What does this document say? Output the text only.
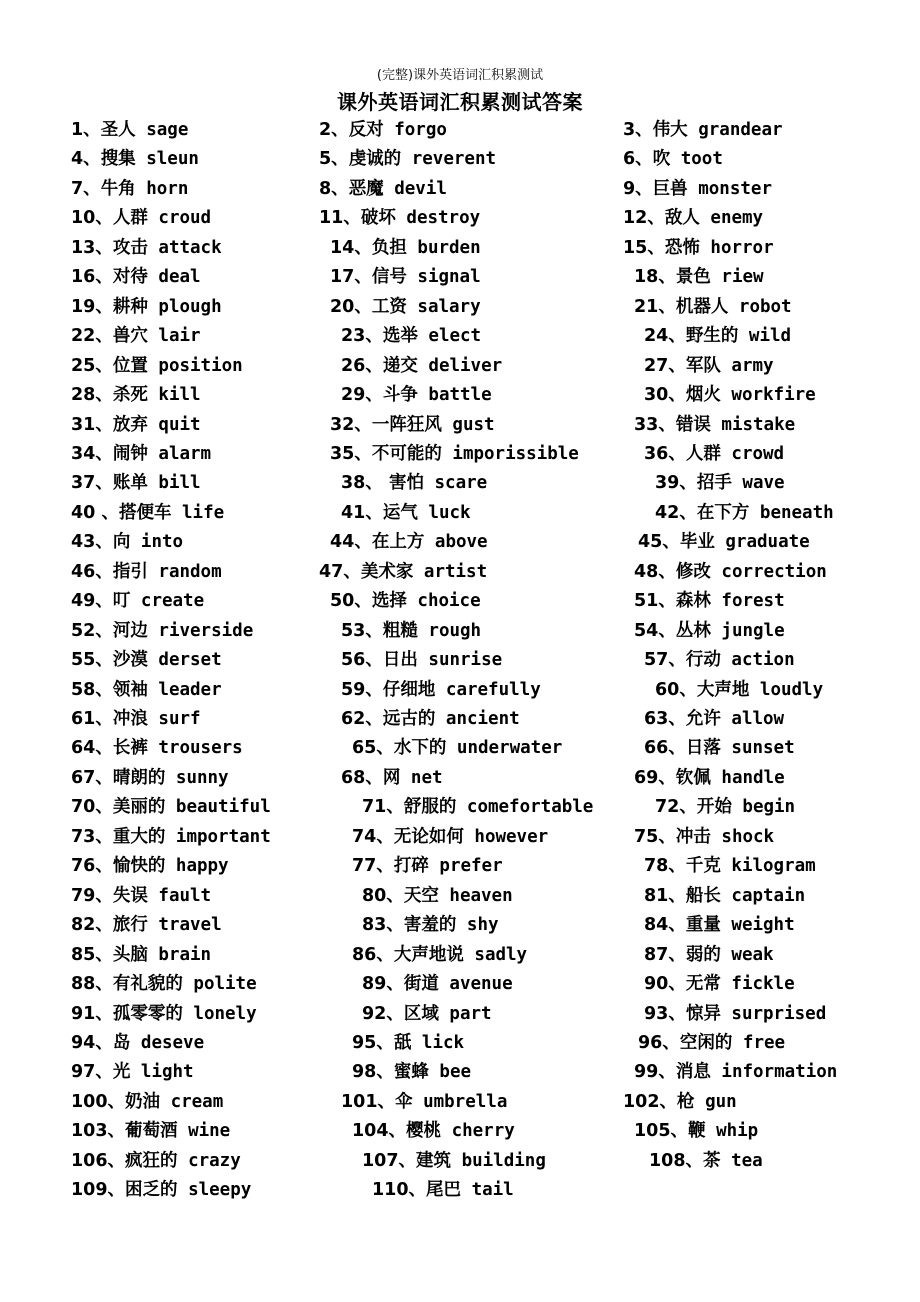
(完整)课外英语词汇积累测试
课外英语词汇积累测试答案
1、圣人 sage	2、反对 forgo	3、伟大 grandear
4、搜集 sleun	5、虔诚的 reverent	6、吹 toot
7、牛角 horn	8、恶魔 devil	9、巨兽 monster
10、人群 croud	11、破坏 destroy	12、敌人 enemy
13、攻击 attack	14、负担 burden	15、恐怖 horror
16、对待 deal	17、信号 signal	18、景色 riew
19、耕种 plough	20、工资 salary	21、机器人 robot
22、兽穴 lair	23、选举 elect	24、野生的 wild
25、位置 position	26、递交 deliver	27、军队 army
28、杀死 kill	29、斗争 battle	30、烟火 workfire
31、放弃 quit	32、一阵狂风 gust	33、错误 mistake
34、闹钟 alarm	35、不可能的 imporissible	36、人群 crowd
37、账单 bill	38、 害怕 scare	39、招手 wave
40 、搭便车 life	41、运气 luck	42、在下方 beneath
43、向 into	44、在上方 above	45、毕业 graduate
46、指引 random	47、美术家 artist	48、修改 correction
49、叮 create	50、选择 choice	51、森林 forest
52、河边 riverside	53、粗糙 rough	54、丛林 jungle
55、沙漠 derset	56、日出 sunrise	57、行动 action
58、领袖 leader	59、仔细地 carefully	60、大声地 loudly
61、冲浪 surf	62、远古的 ancient	63、允许 allow
64、长裤 trousers	65、水下的 underwater	66、日落 sunset
67、晴朗的 sunny	68、网 net	69、钦佩 handle
70、美丽的 beautiful	71、舒服的 comefortable	72、开始 begin
73、重大的 important	74、无论如何 however	75、冲击 shock
76、愉快的 happy	77、打碎 prefer	78、千克 kilogram
79、失误 fault	80、天空 heaven	81、船长 captain
82、旅行 travel	83、害羞的 shy	84、重量 weight
85、头脑 brain	86、大声地说 sadly	87、弱的 weak
88、有礼貌的 polite	89、街道 avenue	90、无常 fickle
91、孤零零的 lonely	92、区域 part	93、惊异 surprised
94、岛 deseve	95、舐 lick	96、空闲的 free
97、光 light	98、蜜蜂 bee	99、消息 information
100、奶油 cream	101、伞 umbrella	102、枪 gun
103、葡萄酒 wine	104、樱桃 cherry	105、鞭 whip
106、疯狂的 crazy	107、建筑 building	108、茶 tea
109、困乏的 sleepy	110、尾巴 tail
